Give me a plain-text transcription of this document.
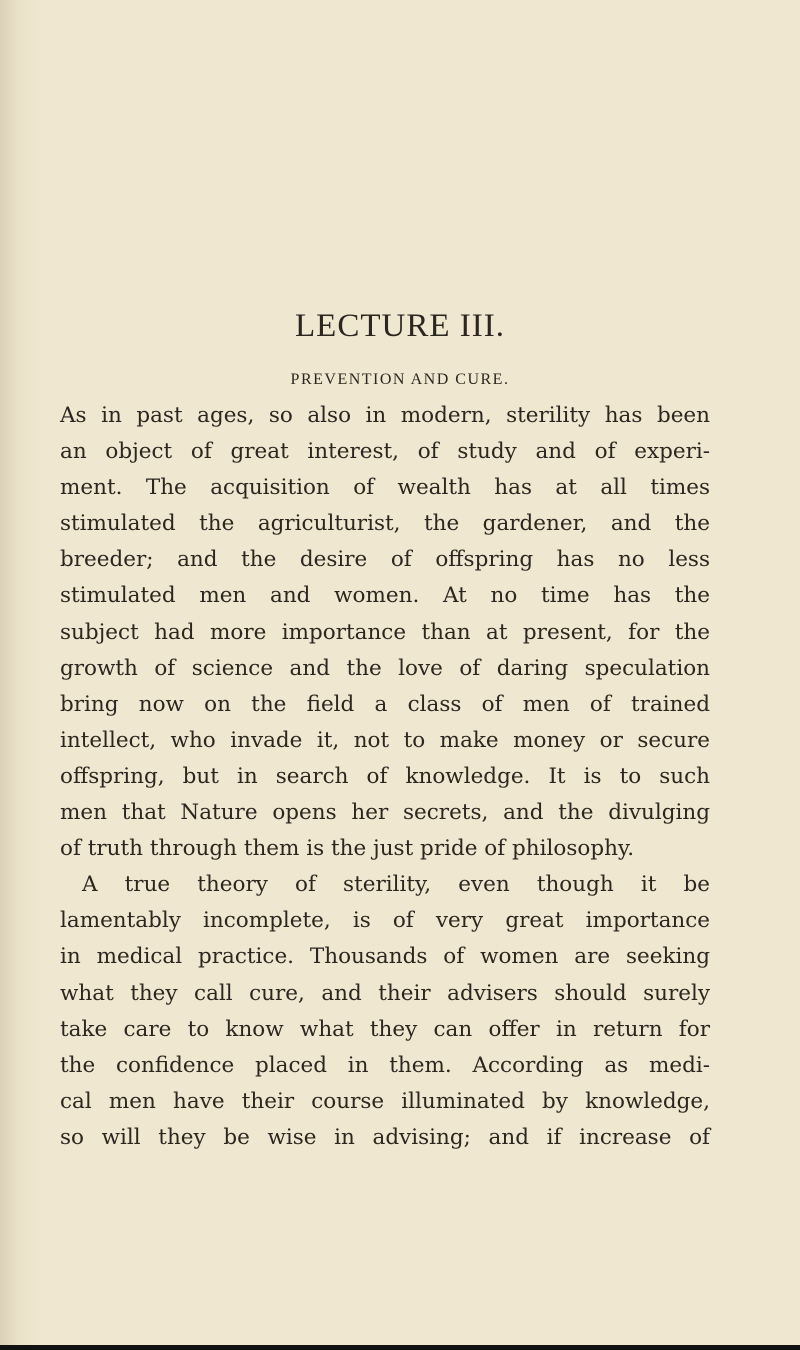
LECTURE III.
PREVENTION AND CURE.
As in past ages, so also in modern, sterility has been
an object of great interest, of study and of experi-
ment. The acquisition of wealth has at all times
stimulated the agriculturist, the gardener, and the
breeder; and the desire of offspring has no less
stimulated men and women. At no time has the
subject had more importance than at present, for the
growth of science and the love of daring speculation
bring now on the field a class of men of trained
intellect, who invade it, not to make money or secure
offspring, but in search of knowledge. It is to such
men that Nature opens her secrets, and the divulging
of truth through them is the just pride of philosophy.
A true theory of sterility, even though it be
lamentably incomplete, is of very great importance
in medical practice. Thousands of women are seeking
what they call cure, and their advisers should surely
take care to know what they can offer in return for
the confidence placed in them. According as medi-
cal men have their course illuminated by knowledge,
so will they be wise in advising; and if increase of
